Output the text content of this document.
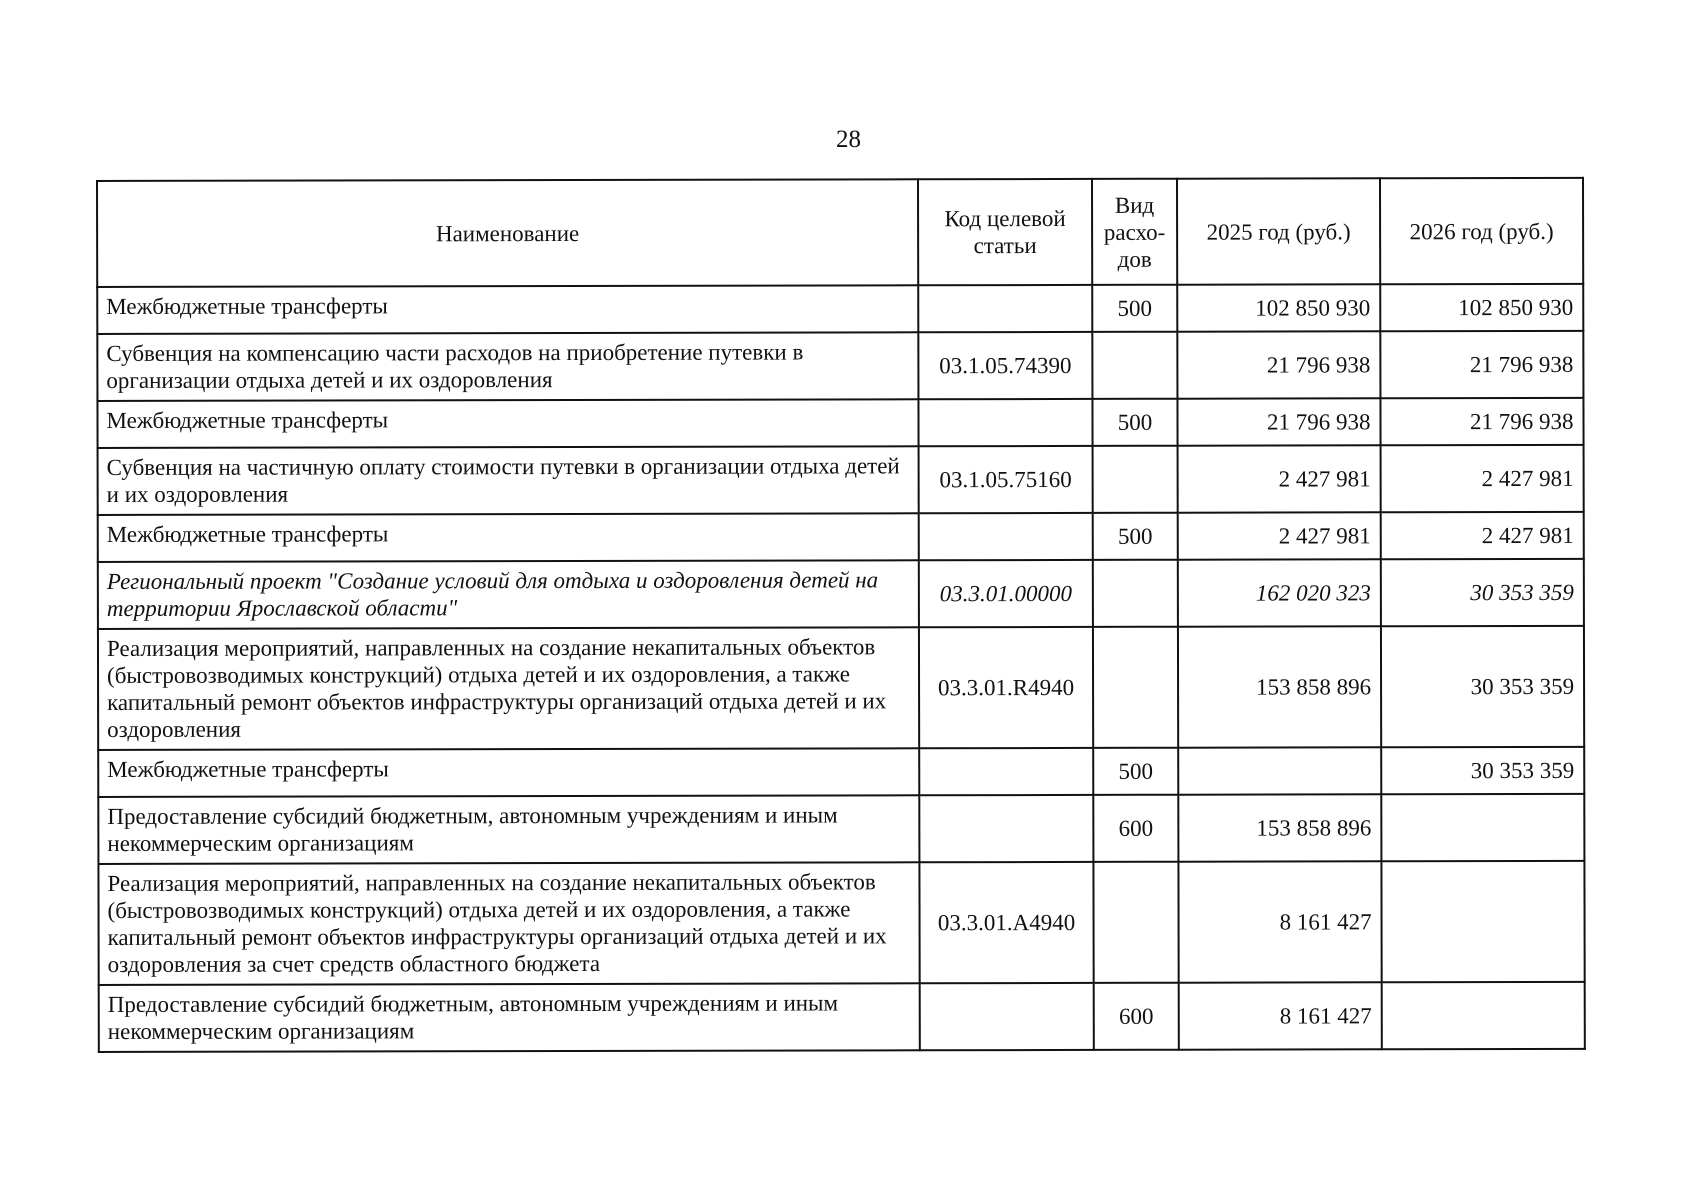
28
Наименование	Код целевой статьи	Вид расхо-дов	2025 год (руб.)	2026 год (руб.)
Межбюджетные трансферты		500	102 850 930	102 850 930
Субвенция на компенсацию части расходов на приобретение путевки в организации отдыха детей и их оздоровления	03.1.05.74390		21 796 938	21 796 938
Межбюджетные трансферты		500	21 796 938	21 796 938
Субвенция на частичную оплату стоимости путевки в организации отдыха детей и их оздоровления	03.1.05.75160		2 427 981	2 427 981
Межбюджетные трансферты		500	2 427 981	2 427 981
Региональный проект "Создание условий для отдыха и оздоровления детей на территории Ярославской области"	03.3.01.00000		162 020 323	30 353 359
Реализация мероприятий, направленных на создание некапитальных объектов (быстровозводимых конструкций) отдыха детей и их оздоровления, а также капитальный ремонт объектов инфраструктуры организаций отдыха детей и их оздоровления	03.3.01.R4940		153 858 896	30 353 359
Межбюджетные трансферты		500		30 353 359
Предоставление субсидий бюджетным, автономным учреждениям и иным некоммерческим организациям		600	153 858 896	
Реализация мероприятий, направленных на создание некапитальных объектов (быстровозводимых конструкций) отдыха детей и их оздоровления, а также капитальный ремонт объектов инфраструктуры организаций отдыха детей и их оздоровления за счет средств областного бюджета	03.3.01.А4940		8 161 427	
Предоставление субсидий бюджетным, автономным учреждениям и иным некоммерческим организациям		600	8 161 427	
